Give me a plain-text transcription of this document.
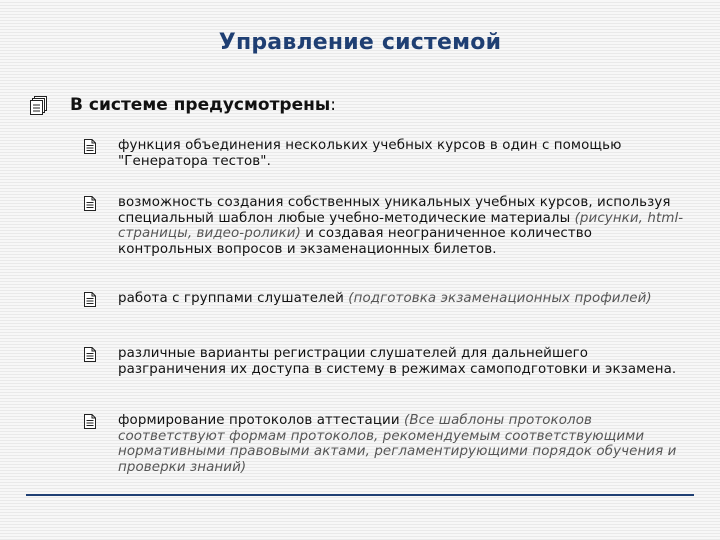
Управление системой
В системе предусмотрены:
функция объединения нескольких учебных курсов в один с помощью "Генератора тестов".
возможность создания собственных уникальных учебных курсов, используя специальный шаблон любые учебно-методические материалы (рисунки, html-страницы, видео-ролики) и создавая неограниченное количество контрольных вопросов и экзаменационных билетов.
работа с группами слушателей (подготовка экзаменационных профилей)
различные варианты регистрации слушателей для дальнейшего разграничения их доступа в систему в режимах самоподготовки и экзамена.
формирование протоколов аттестации (Все шаблоны протоколов соответствуют формам протоколов, рекомендуемым соответствующими нормативными правовыми актами, регламентирующими порядок обучения и проверки знаний)
